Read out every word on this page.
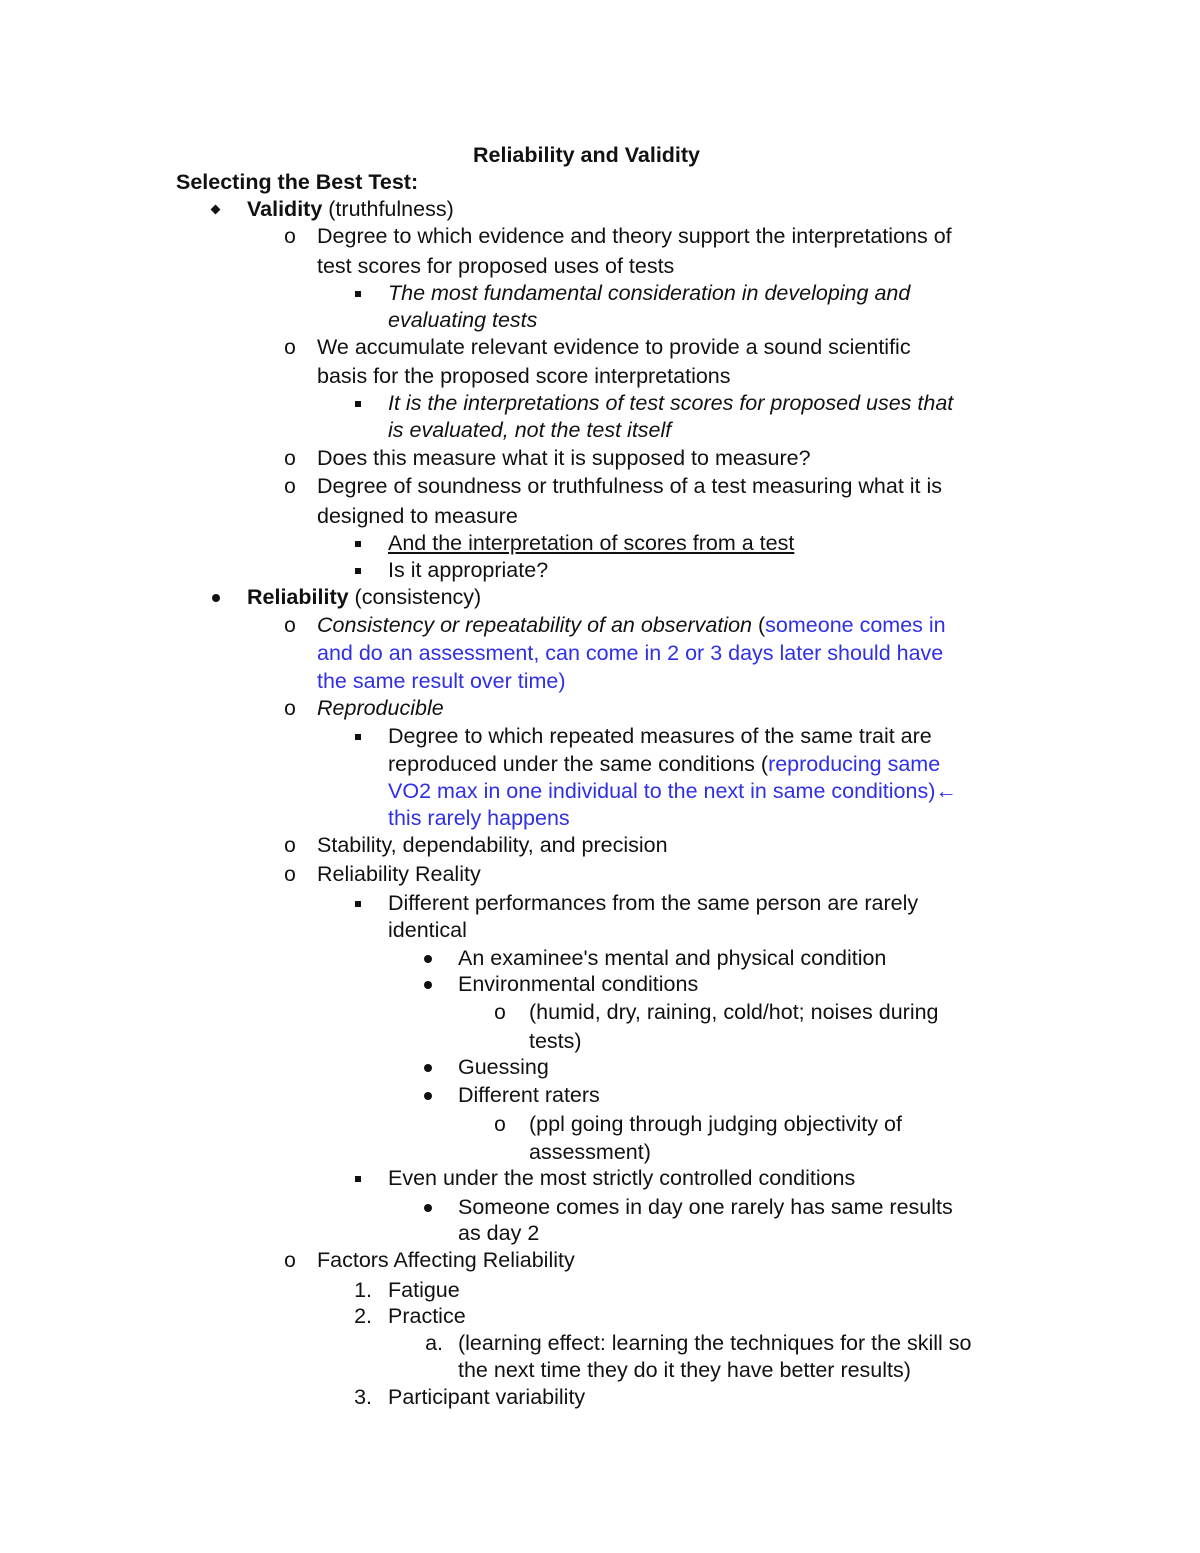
Reliability and Validity
Selecting the Best Test:
Validity (truthfulness)
o Degree to which evidence and theory support the interpretations of
test scores for proposed uses of tests
The most fundamental consideration in developing and
evaluating tests
o We accumulate relevant evidence to provide a sound scientific
basis for the proposed score interpretations
It is the interpretations of test scores for proposed uses that
is evaluated, not the test itself
o Does this measure what it is supposed to measure?
o Degree of soundness or truthfulness of a test measuring what it is
designed to measure
And the interpretation of scores from a test
Is it appropriate?
Reliability (consistency)
o Consistency or repeatability of an observation (someone comes in
and do an assessment, can come in 2 or 3 days later should have
the same result over time)
o Reproducible
Degree to which repeated measures of the same trait are
reproduced under the same conditions (reproducing same
VO2 max in one individual to the next in same conditions)←
this rarely happens
o Stability, dependability, and precision
o Reliability Reality
Different performances from the same person are rarely
identical
An examinee's mental and physical condition
Environmental conditions
o (humid, dry, raining, cold/hot; noises during
tests)
Guessing
Different raters
o (ppl going through judging objectivity of
assessment)
Even under the most strictly controlled conditions
Someone comes in day one rarely has same results
as day 2
o Factors Affecting Reliability
1. Fatigue
2. Practice
a. (learning effect: learning the techniques for the skill so
the next time they do it they have better results)
3. Participant variability
